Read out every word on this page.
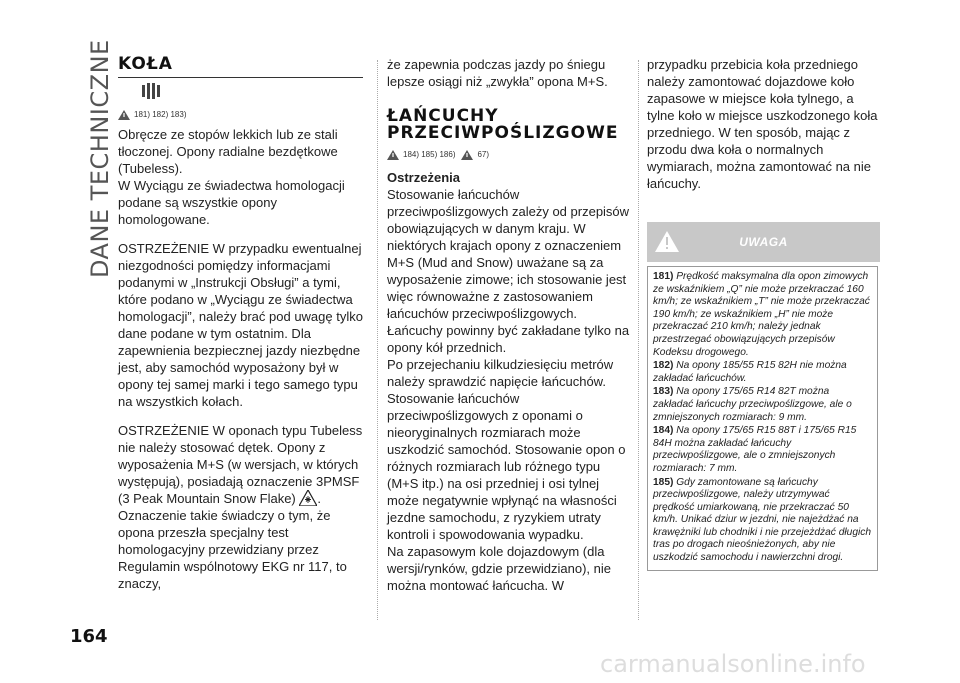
DANE TECHNICZNE KOŁA
181) 182) 183)

Obręcze ze stopów lekkich lub ze stali tłoczonej. Opony radialne bezdętkowe (Tubeless).

W Wyciągu ze świadectwa homologacji podane są wszystkie opony homologowane.

OSTRZEŻENIE W przypadku ewentualnej niezgodności pomiędzy informacjami podanymi w „Instrukcji Obsługi” a tymi, które podano w „Wyciągu ze świadectwa homologacji”, należy brać pod uwagę tylko dane podane w tym ostatnim. Dla zapewnienia bezpiecznej jazdy niezbędne jest, aby samochód wyposażony był w opony tej samej marki i tego samego typu na wszystkich kołach.

OSTRZEŻENIE W oponach typu Tubeless nie należy stosować dętek. Opony z wyposażenia M+S (w wersjach, w których występują), posiadają oznaczenie 3PMSF (3 Peak Mountain Snow Flake) . Oznaczenie takie świadczy o tym, że opona przeszła specjalny test homologacyjny przewidziany przez Regulamin wspólnotowy EKG nr 117, to znaczy,

że zapewnia podczas jazdy po śniegu lepsze osiągi niż „zwykła” opona M+S.

ŁAŃCUCHY
PRZECIWPOŚLIZGOWE
184) 185) 186)	67)

Ostrzeżenia

Stosowanie łańcuchów przeciwpoślizgowych zależy od przepisów obowiązujących w danym kraju. W niektórych krajach opony z oznaczeniem M+S (Mud and Snow) uważane są za wyposażenie zimowe; ich stosowanie jest więc równoważne z zastosowaniem łańcuchów przeciwpoślizgowych.

Łańcuchy powinny być zakładane tylko na opony kół przednich.

Po przejechaniu kilkudziesięciu metrów należy sprawdzić napięcie łańcuchów.

Stosowanie łańcuchów przeciwpoślizgowych z oponami o nieoryginalnych rozmiarach może uszkodzić samochód. Stosowanie opon o różnych rozmiarach lub różnego typu (M+S itp.) na osi przedniej i osi tylnej może negatywnie wpłynąć na własności jezdne samochodu, z ryzykiem utraty kontroli i spowodowania wypadku.

Na zapasowym kole dojazdowym (dla wersji/rynków, gdzie przewidziano), nie można montować łańcucha. W

przypadku przebicia koła przedniego należy zamontować dojazdowe koło zapasowe w miejsce koła tylnego, a tylne koło w miejsce uszkodzonego koła przedniego. W ten sposób, mając z przodu dwa koła o normalnych wymiarach, można zamontować na nie łańcuchy.

UWAGA
181) Prędkość maksymalna dla opon zimowych ze wskaźnikiem „Q” nie może przekraczać 160 km/h; ze wskaźnikiem „T” nie może przekraczać 190 km/h; ze wskaźnikiem „H” nie może przekraczać 210 km/h; należy jednak przestrzegać obowiązujących przepisów Kodeksu drogowego.
182) Na opony 185/55 R15 82H nie można zakładać łańcuchów.
183) Na opony 175/65 R14 82T można zakładać łańcuchy przeciwpoślizgowe, ale o zmniejszonych rozmiarach: 9 mm.
184) Na opony 175/65 R15 88T i 175/65 R15 84H można zakładać łańcuchy przeciwpoślizgowe, ale o zmniejszonych rozmiarach: 7 mm.
185) Gdy zamontowane są łańcuchy przeciwpoślizgowe, należy utrzymywać prędkość umiarkowaną, nie przekraczać 50 km/h. Unikać dziur w jezdni, nie najeżdżać na krawężniki lub chodniki i nie przejeżdżać długich tras po drogach nieośnieżonych, aby nie uszkodzić samochodu i nawierzchni drogi.
164
carmanualsonline.info
